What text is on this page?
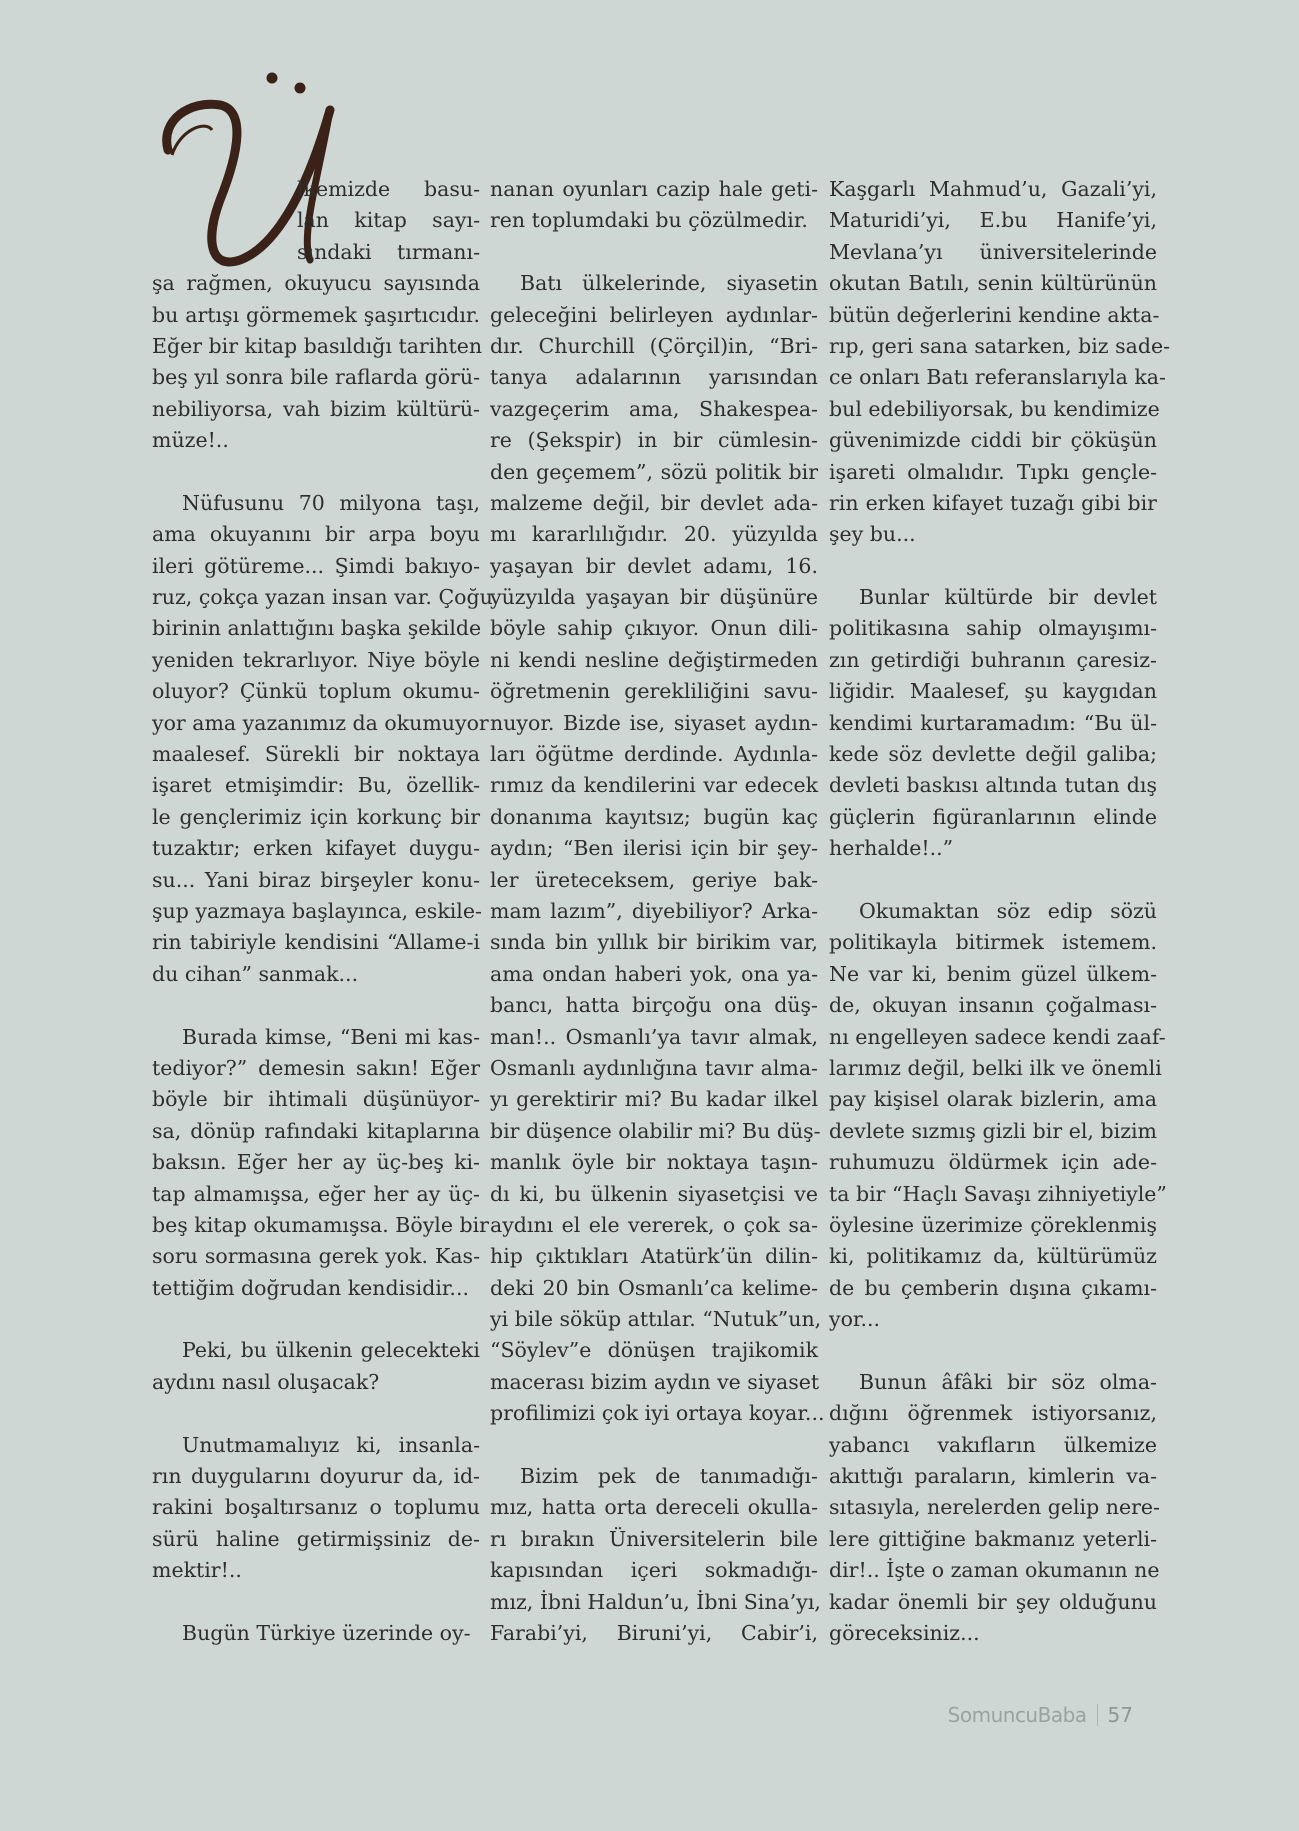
lkemizde basu-
lan kitap sayı-
sındaki tırmanı-
şa rağmen, okuyucu sayısında
bu artışı görmemek şaşırtıcıdır.
Eğer bir kitap basıldığı tarihten
beş yıl sonra bile raflarda görü-
nebiliyorsa, vah bizim kültürü-
müze!..
Nüfusunu 70 milyona taşı,
ama okuyanını bir arpa boyu
ileri götüreme... Şimdi bakıyo-
ruz, çokça yazan insan var. Çoğu
birinin anlattığını başka şekilde
yeniden tekrarlıyor. Niye böyle
oluyor? Çünkü toplum okumu-
yor ama yazanımız da okumuyor
maalesef. Sürekli bir noktaya
işaret etmişimdir: Bu, özellik-
le gençlerimiz için korkunç bir
tuzaktır; erken kifayet duygu-
su... Yani biraz birşeyler konu-
şup yazmaya başlayınca, eskile-
rin tabiriyle kendisini “Allame-i
du cihan” sanmak...
Burada kimse, “Beni mi kas-
tediyor?” demesin sakın! Eğer
böyle bir ihtimali düşünüyor-
sa, dönüp rafındaki kitaplarına
baksın. Eğer her ay üç-beş ki-
tap almamışsa, eğer her ay üç-
beş kitap okumamışsa. Böyle bir
soru sormasına gerek yok. Kas-
tettiğim doğrudan kendisidir...
Peki, bu ülkenin gelecekteki
aydını nasıl oluşacak?
Unutmamalıyız ki, insanla-
rın duygularını doyurur da, id-
rakini boşaltırsanız o toplumu
sürü haline getirmişsiniz de-
mektir!..
Bugün Türkiye üzerinde oy-
nanan oyunları cazip hale geti-
ren toplumdaki bu çözülmedir.
Batı ülkelerinde, siyasetin
geleceğini belirleyen aydınlar-
dır. Churchill (Çörçil)in, “Bri-
tanya adalarının yarısından
vazgeçerim ama, Shakespea-
re (Şekspir) in bir cümlesin-
den geçemem”, sözü politik bir
malzeme değil, bir devlet ada-
mı kararlılığıdır. 20. yüzyılda
yaşayan bir devlet adamı, 16.
yüzyılda yaşayan bir düşünüre
böyle sahip çıkıyor. Onun dili-
ni kendi nesline değiştirmeden
öğretmenin gerekliliğini savu-
nuyor. Bizde ise, siyaset aydın-
ları öğütme derdinde. Aydınla-
rımız da kendilerini var edecek
donanıma kayıtsız; bugün kaç
aydın; “Ben ilerisi için bir şey-
ler üreteceksem, geriye bak-
mam lazım”, diyebiliyor? Arka-
sında bin yıllık bir birikim var,
ama ondan haberi yok, ona ya-
bancı, hatta birçoğu ona düş-
man!.. Osmanlı’ya tavır almak,
Osmanlı aydınlığına tavır alma-
yı gerektirir mi? Bu kadar ilkel
bir düşence olabilir mi? Bu düş-
manlık öyle bir noktaya taşın-
dı ki, bu ülkenin siyasetçisi ve
aydını el ele vererek, o çok sa-
hip çıktıkları Atatürk’ün dilin-
deki 20 bin Osmanlı’ca kelime-
yi bile söküp attılar. “Nutuk”un,
“Söylev”e dönüşen trajikomik
macerası bizim aydın ve siyaset
profilimizi çok iyi ortaya koyar...
Bizim pek de tanımadığı-
mız, hatta orta dereceli okulla-
rı bırakın Üniversitelerin bile
kapısından içeri sokmadığı-
mız, İbni Haldun’u, İbni Sina’yı,
Farabi’yi, Biruni’yi, Cabir’i,
Kaşgarlı Mahmud’u, Gazali’yi,
Maturidi’yi, E.bu Hanife’yi,
Mevlana’yı üniversitelerinde
okutan Batılı, senin kültürünün
bütün değerlerini kendine akta-
rıp, geri sana satarken, biz sade-
ce onları Batı referanslarıyla ka-
bul edebiliyorsak, bu kendimize
güvenimizde ciddi bir çöküşün
işareti olmalıdır. Tıpkı gençle-
rin erken kifayet tuzağı gibi bir
şey bu...
Bunlar kültürde bir devlet
politikasına sahip olmayışımı-
zın getirdiği buhranın çaresiz-
liğidir. Maalesef, şu kaygıdan
kendimi kurtaramadım: “Bu ül-
kede söz devlette değil galiba;
devleti baskısı altında tutan dış
güçlerin figüranlarının elinde
herhalde!..”
Okumaktan söz edip sözü
politikayla bitirmek istemem.
Ne var ki, benim güzel ülkem-
de, okuyan insanın çoğalması-
nı engelleyen sadece kendi zaaf-
larımız değil, belki ilk ve önemli
pay kişisel olarak bizlerin, ama
devlete sızmış gizli bir el, bizim
ruhumuzu öldürmek için ade-
ta bir “Haçlı Savaşı zihniyetiyle”
öylesine üzerimize çöreklenmiş
ki, politikamız da, kültürümüz
de bu çemberin dışına çıkamı-
yor...
Bunun âfâki bir söz olma-
dığını öğrenmek istiyorsanız,
yabancı vakıfların ülkemize
akıttığı paraların, kimlerin va-
sıtasıyla, nerelerden gelip nere-
lere gittiğine bakmanız yeterli-
dir!.. İşte o zaman okumanın ne
kadar önemli bir şey olduğunu
göreceksiniz...
SomuncuBaba 57
